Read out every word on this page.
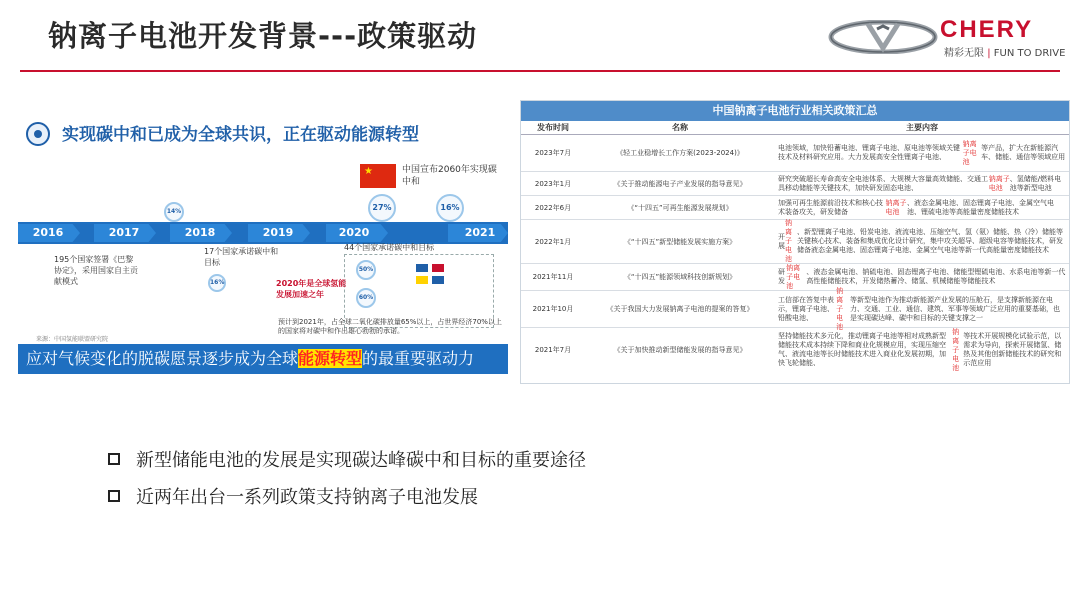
钠离子电池开发背景---政策驱动	CHERY
精彩无限 | FUN TO DRIVE
实现碳中和已成为全球共识，正在驱动能源转型
★	中国宣布2060年实现碳中和
27%	16%
14%
2016	2017	2018	2019	2020	2021
195个国家签署《巴黎协定》，采用国家自主贡献模式
17个国家承诺碳中和目标
44个国家承诺碳中和目标
16%
50%
60%
2020年是全球氢能发展加速之年
预计到2021年，占全球二氧化碳排放量65%以上，占世界经济70%以上的国家将对碳中和作出雄心勃勃的承诺。
来源：中国氢能联盟研究院
应对气候变化的脱碳愿景逐步成为全球能源转型的最重要驱动力
中国钠离子电池行业相关政策汇总
发布时间	名称	主要内容
2023年7月	《轻工业稳增长工作方案(2023-2024)》
电池领域，加快铅蓄电池、锂离子电池、原电池等领域关键技术及材料研究应用。大力发展高安全性锂离子电池、
钠离子电池
等产品，扩大在新能源汽车、储能、通信等领域应用
2023年1月	《关于推动能源电子产业发展的指导意见》
研究突破超长寿命高安全电池体系、大规模大容量高效储能、交通工具移动储能等关键技术，加快研发固态电池、
钠离子电池
、氢储能/燃料电池等新型电池
2022年6月	《“十四五”可再生能源发展规划》
加强可再生能源前沿技术和核心技术装备攻关，研发储备
钠离子电池
、液态金属电池、固态锂离子电池、金属空气电池、锂硫电池等高能量密度储能技术
2022年1月	《“十四五”新型储能发展实施方案》
开展
钠离子电池
、新型锂离子电池、铅炭电池、液流电池、压缩空气、氢（氨）储能、热（冷）储能等关键核心技术、装备和集成优化设计研究，集中攻关超导、超级电容等储能技术，研发储备液态金属电池、固态锂离子电池、金属空气电池等新一代高能量密度储能技术
2021年11月	《“十四五”能源领域科技创新规划》
研发
钠离子电池
、液态金属电池、钠硫电池、固态锂离子电池、储能型锂硫电池、水系电池等新一代高性能储能技术，开发储热蓄冷、储氢、机械储能等储能技术
2021年10月	《关于我国大力发展钠离子电池的提案的答复》
工信部在答复中表示，锂离子电池、铅酸电池、
钠离子电池
等新型电池作为推动新能源产业发展的压舱石，是支撑新能源在电力、交通、工业、通信、建筑、军事等领域广泛应用的重要基础，也是实现碳达峰、碳中和目标的关键支撑之一
2021年7月	《关于加快推动新型储能发展的指导意见》
坚持储能技术多元化，推动锂离子电池等相对成熟新型储能技术成本持续下降和商业化规模应用，实现压缩空气、液流电池等长时储能技术进入商业化发展初期，加快飞轮储能、
钠离子电池
等技术开展规模化试验示范，以需求为导向，探索开展储氢、储热及其他创新储能技术的研究和示范应用
新型储能电池的发展是实现碳达峰碳中和目标的重要途径
近两年出台一系列政策支持钠离子电池发展
